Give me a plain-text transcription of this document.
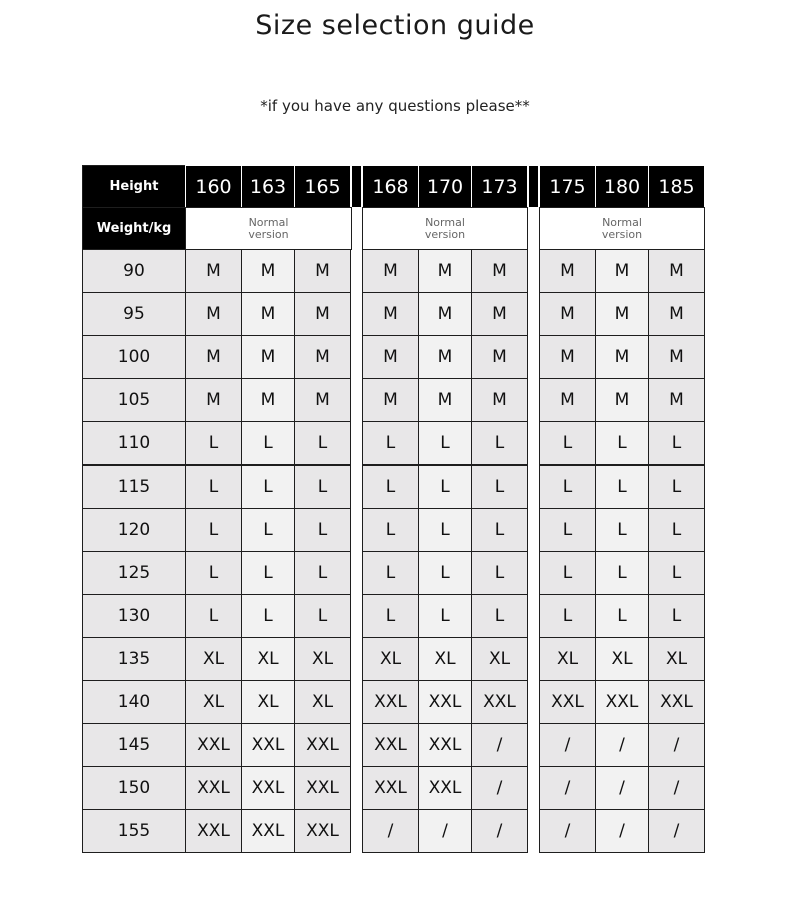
Size selection guide
*if you have any questions please**
Height	160 163 165	168 170 173	175 180 185
Weight/kg	Normal
version
Normal
version
Normal
version
90	M	M	M	M	M	M	M	M	M
95	M	M	M	M	M	M	M	M	M
100	M	M	M	M	M	M	M	M	M
105	M	M	M	M	M	M	M	M	M
110	L	L	L	L	L	L	L	L	L
115	L	L	L	L	L	L	L	L	L
120	L	L	L	L	L	L	L	L	L
125	L	L	L	L	L	L	L	L	L
130	L	L	L	L	L	L	L	L	L
135	XL	XL	XL	XL	XL	XL	XL	XL	XL
140	XL	XL	XL	XXL	XXL	XXL	XXL	XXL	XXL
145	XXL	XXL	XXL	XXL	XXL	/	/	/	/
150	XXL	XXL	XXL	XXL	XXL	/	/	/	/
155	XXL	XXL	XXL	/	/	/	/	/	/
